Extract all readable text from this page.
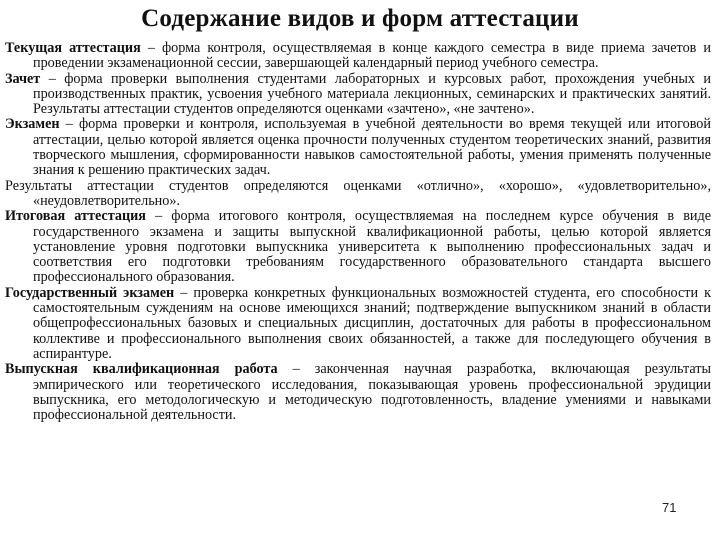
Содержание видов и форм аттестации

Текущая аттестация – форма контроля, осуществляемая в конце каждого семестра в виде приема зачетов и проведении экзаменационной сессии, завершающей календарный период учебного семестра.

Зачет – форма проверки выполнения студентами лабораторных и курсовых работ, прохождения учебных и производственных практик, усвоения учебного материала лекционных, семинарских и практических занятий. Результаты аттестации студентов определяются оценками «зачтено», «не зачтено».

Экзамен – форма проверки и контроля, используемая в учебной деятельности во время текущей или итоговой аттестации, целью которой является оценка прочности полученных студентом теоретических знаний, развития творческого мышления, сформированности навыков самостоятельной работы, умения применять полученные знания к решению практических задач.

Результаты аттестации студентов определяются оценками «отлично», «хорошо», «удовлетворительно», «неудовлетворительно».

Итоговая аттестация – форма итогового контроля, осуществляемая на последнем курсе обучения в виде государственного экзамена и защиты выпускной квалификационной работы, целью которой является установление уровня подготовки выпускника университета к выполнению профессиональных задач и соответствия его подготовки требованиям государственного образовательного стандарта высшего профессионального образования.

Государственный экзамен – проверка конкретных функциональных возможностей студента, его способности к самостоятельным суждениям на основе имеющихся знаний; подтверждение выпускником знаний в области общепрофессиональных базовых и специальных дисциплин, достаточных для работы в профессиональном коллективе и профессионального выполнения своих обязанностей, а также для последующего обучения в аспирантуре.

Выпускная квалификационная работа – законченная научная разработка, включающая результаты эмпирического или теоретического исследования, показывающая уровень профессиональной эрудиции выпускника, его методологическую и методическую подготовленность, владение умениями и навыками профессиональной деятельности.

71
